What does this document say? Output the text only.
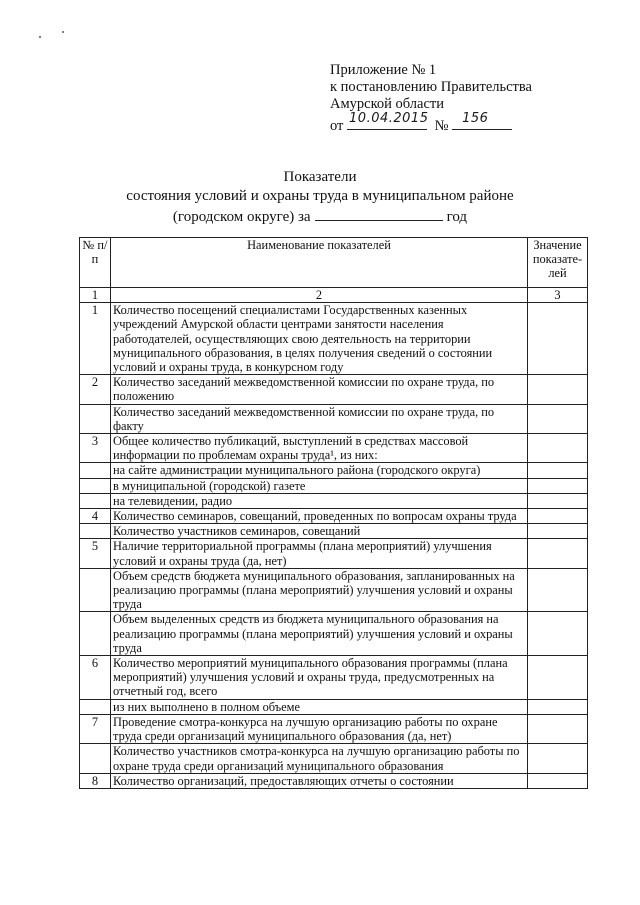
Приложение № 1
к постановлению Правительства
Амурской области
от 10.04.2015 № 156
Показатели
состояния условий и охраны труда в муниципальном районе
(городском округе) за	год
№ п/п	Наименование показателей	Значение показате-лей
1	2	3
1	Количество посещений специалистами Государственных казенных учреждений Амурской области центрами занятости населения работодателей, осуществляющих свою деятельность на территории муниципального образования, в целях получения сведений о состоянии условий и охраны труда, в конкурсном году	
2	Количество заседаний межведомственной комиссии по охране труда, по положению	
	Количество заседаний межведомственной комиссии по охране труда, по факту	
3	Общее количество публикаций, выступлений в средствах массовой информации по проблемам охраны труда¹, из них:	
	на сайте администрации муниципального района (городского округа)	
	в муниципальной (городской) газете	
	на телевидении, радио	
4	Количество семинаров, совещаний, проведенных по вопросам охраны труда	
	Количество участников семинаров, совещаний	
5	Наличие территориальной программы (плана мероприятий) улучшения условий и охраны труда (да, нет)	
	Объем средств бюджета муниципального образования, запланированных на реализацию программы (плана мероприятий) улучшения условий и охраны труда	
	Объем выделенных средств из бюджета муниципального образования на реализацию программы (плана мероприятий) улучшения условий и охраны труда	
6	Количество мероприятий муниципального образования программы (плана мероприятий) улучшения условий и охраны труда, предусмотренных на отчетный год, всего	
	из них выполнено в полном объеме	
7	Проведение смотра-конкурса на лучшую организацию работы по охране труда среди организаций муниципального образования (да, нет)	
	Количество участников смотра-конкурса на лучшую организацию работы по охране труда среди организаций муниципального образования	
8	Количество организаций, предоставляющих отчеты о состоянии	
